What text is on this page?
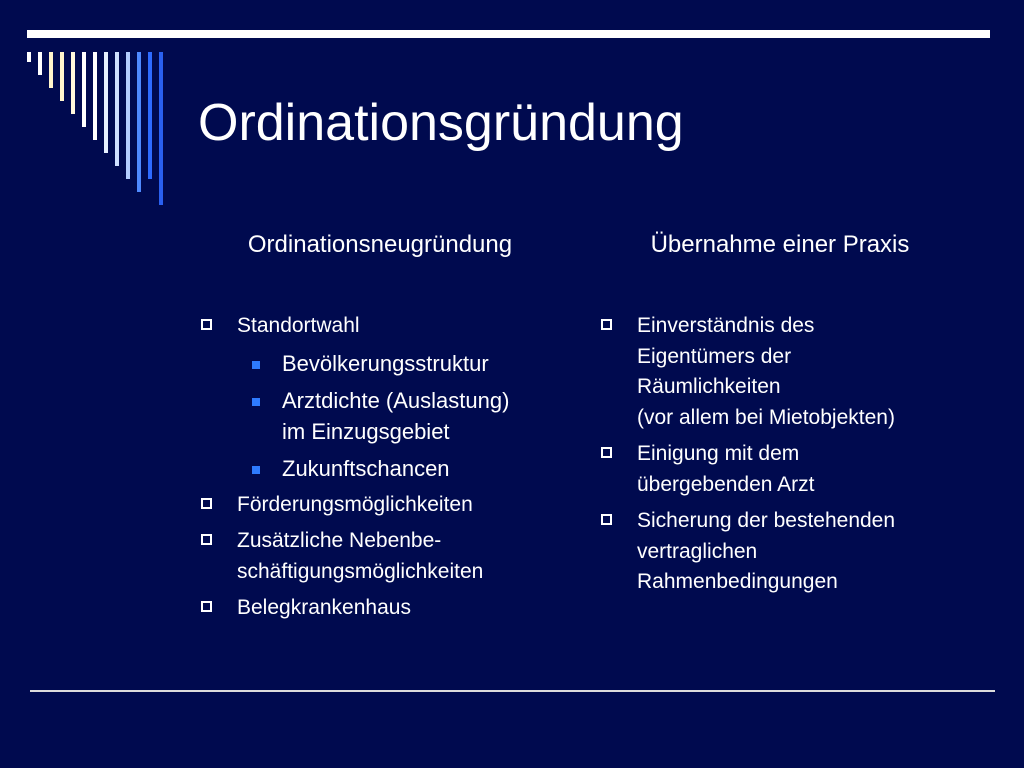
Ordinationsgründung
Ordinationsneugründung	Übernahme einer Praxis
Standortwahl
Bevölkerungsstruktur
Arztdichte (Auslastung)
im Einzugsgebiet
Zukunftschancen
Förderungsmöglichkeiten
Zusätzliche Nebenbe-
schäftigungsmöglichkeiten
Belegkrankenhaus
Einverständnis des
Eigentümers der
Räumlichkeiten
(vor allem bei Mietobjekten)
Einigung mit dem
übergebenden Arzt
Sicherung der bestehenden
vertraglichen
Rahmenbedingungen
